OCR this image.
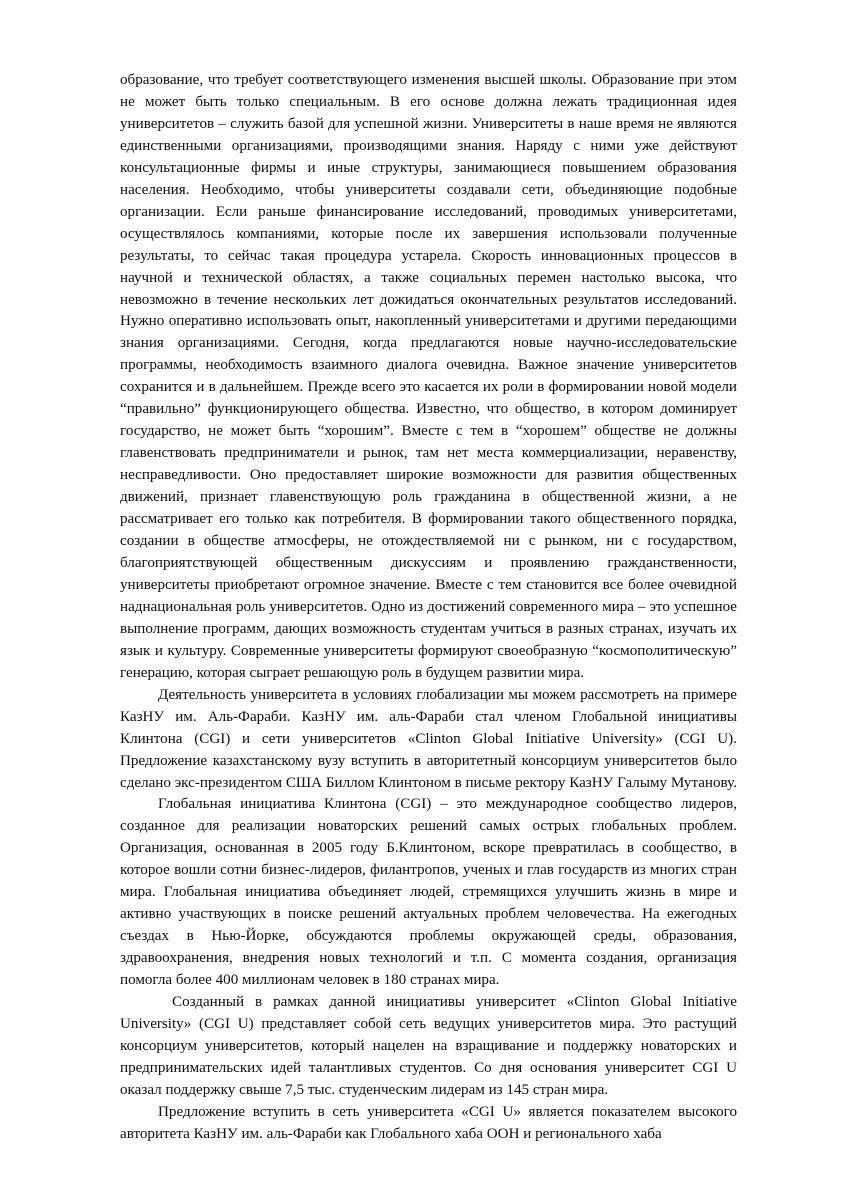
образование, что требует соответствующего изменения высшей школы. Образование при этом не может быть только специальным. В его основе должна лежать традиционная идея университетов – служить базой для успешной жизни. Университеты в наше время не являются единственными организациями, производящими знания. Наряду с ними уже действуют консультационные фирмы и иные структуры, занимающиеся повышением образования населения. Необходимо, чтобы университеты создавали сети, объединяющие подобные организации. Если раньше финансирование исследований, проводимых университетами, осуществлялось компаниями, которые после их завершения использовали полученные результаты, то сейчас такая процедура устарела. Скорость инновационных процессов в научной и технической областях, а также социальных перемен настолько высока, что невозможно в течение нескольких лет дожидаться окончательных результатов исследований. Нужно оперативно использовать опыт, накопленный университетами и другими передающими знания организациями. Сегодня, когда предлагаются новые научно-исследовательские программы, необходимость взаимного диалога очевидна. Важное значение университетов сохранится и в дальнейшем. Прежде всего это касается их роли в формировании новой модели “правильно” функционирующего общества. Известно, что общество, в котором доминирует государство, не может быть “хорошим”. Вместе с тем в “хорошем” обществе не должны главенствовать предприниматели и рынок, там нет места коммерциализации, неравенству, несправедливости. Оно предоставляет широкие возможности для развития общественных движений, признает главенствующую роль гражданина в общественной жизни, а не рассматривает его только как потребителя. В формировании такого общественного порядка, создании в обществе атмосферы, не отождествляемой ни с рынком, ни с государством, благоприятствующей общественным дискуссиям и проявлению гражданственности, университеты приобретают огромное значение. Вместе с тем становится все более очевидной наднациональная роль университетов. Одно из достижений современного мира – это успешное выполнение программ, дающих возможность студентам учиться в разных странах, изучать их язык и культуру. Современные университеты формируют своеобразную “космополитическую” генерацию, которая сыграет решающую роль в будущем развитии мира.

Деятельность университета в условиях глобализации мы можем рассмотреть на примере КазНУ им. Аль-Фараби. КазНУ им. аль-Фараби стал членом Глобальной инициативы Клинтона (CGI) и сети университетов «Clinton Global Initiative University» (CGI U). Предложение казахстанскому вузу вступить в авторитетный консорциум университетов было сделано экс-президентом США Биллом Клинтоном в письме ректору КазНУ Галыму Мутанову.

Глобальная инициатива Клинтона (CGI) – это международное сообщество лидеров, созданное для реализации новаторских решений самых острых глобальных проблем. Организация, основанная в 2005 году Б.Клинтоном, вскоре превратилась в сообщество, в которое вошли сотни бизнес-лидеров, филантропов, ученых и глав государств из многих стран мира. Глобальная инициатива объединяет людей, стремящихся улучшить жизнь в мире и активно участвующих в поиске решений актуальных проблем человечества. На ежегодных съездах в Нью-Йорке, обсуждаются проблемы окружающей среды, образования, здравоохранения, внедрения новых технологий и т.п. С момента создания, организация помогла более 400 миллионам человек в 180 странах мира.

Созданный в рамках данной инициативы университет «Clinton Global Initiative University» (CGI U) представляет собой сеть ведущих университетов мира. Это растущий консорциум университетов, который нацелен на взращивание и поддержку новаторских и предпринимательских идей талантливых студентов. Со дня основания университет CGI U оказал поддержку свыше 7,5 тыс. студенческим лидерам из 145 стран мира.

Предложение вступить в сеть университета «CGI U» является показателем высокого авторитета КазНУ им. аль-Фараби как Глобального хаба ООН и регионального хаба
